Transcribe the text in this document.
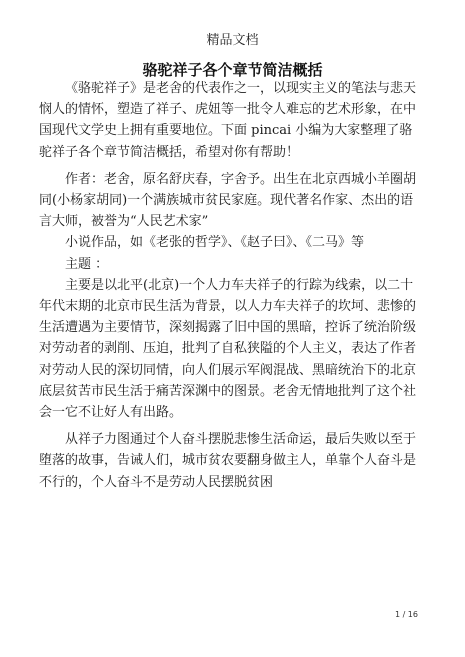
精品文档
骆驼祥子各个章节简洁概括

《骆驼祥子》是老舍的代表作之一，以现实主义的笔法与悲天悯人的情怀，塑造了祥子、虎妞等一批令人难忘的艺术形象，在中国现代文学史上拥有重要地位。下面 pincai 小编为大家整理了骆驼祥子各个章节简洁概括，希望对你有帮助！

作者：老舍，原名舒庆春，字舍予。出生在北京西城小羊圈胡同(小杨家胡同)一个满族城市贫民家庭。现代著名作家、杰出的语言大师，被誉为“人民艺术家”

小说作品，如《老张的哲学》、《赵子曰》、《二马》等

主题 ：

主要是以北平(北京)一个人力车夫祥子的行踪为线索，以二十年代末期的北京市民生活为背景，以人力车夫祥子的坎坷、悲惨的生活遭遇为主要情节，深刻揭露了旧中国的黑暗，控诉了统治阶级对劳动者的剥削、压迫，批判了自私狭隘的个人主义，表达了作者对劳动人民的深切同情，向人们展示军阀混战、黑暗统治下的北京底层贫苦市民生活于痛苦深渊中的图景。老舍无情地批判了这个社会一它不让好人有出路。

从祥子力图通过个人奋斗摆脱悲惨生活命运，最后失败以至于堕落的故事，告诫人们，城市贫农要翻身做主人，单靠个人奋斗是不行的，个人奋斗不是劳动人民摆脱贫困

1 / 16
